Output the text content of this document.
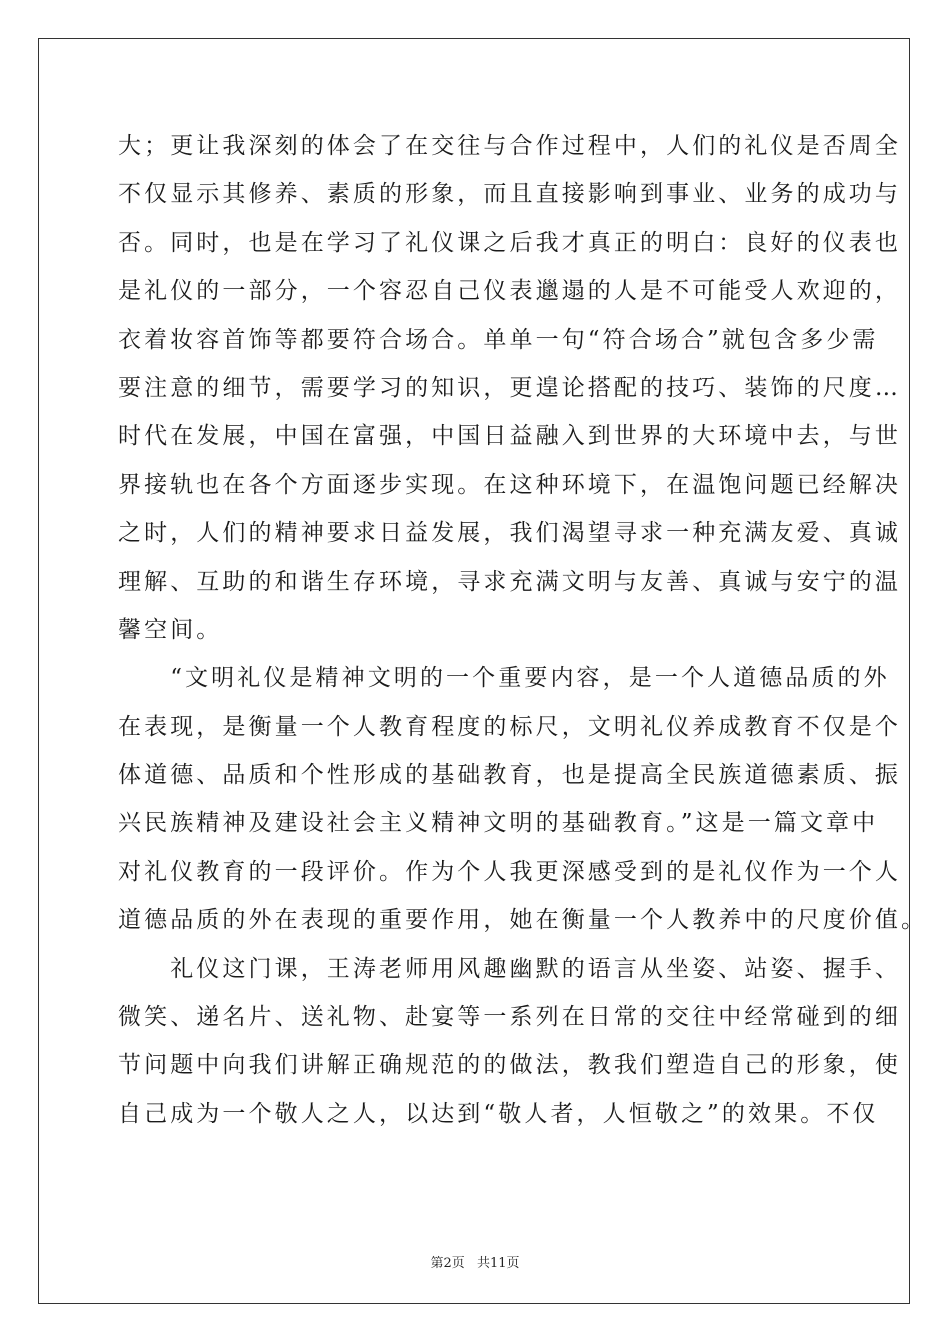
大；更让我深刻的体会了在交往与合作过程中，人们的礼仪是否周全
不仅显示其修养、素质的形象，而且直接影响到事业、业务的成功与
否。同时，也是在学习了礼仪课之后我才真正的明白：良好的仪表也
是礼仪的一部分，一个容忍自己仪表邋遢的人是不可能受人欢迎的，
衣着妆容首饰等都要符合场合。单单一句“符合场合”就包含多少需
要注意的细节，需要学习的知识，更遑论搭配的技巧、装饰的尺度…
时代在发展，中国在富强，中国日益融入到世界的大环境中去，与世
界接轨也在各个方面逐步实现。在这种环境下，在温饱问题已经解决
之时，人们的精神要求日益发展，我们渴望寻求一种充满友爱、真诚
理解、互助的和谐生存环境，寻求充满文明与友善、真诚与安宁的温
馨空间。
　　“文明礼仪是精神文明的一个重要内容，是一个人道德品质的外
在表现，是衡量一个人教育程度的标尺，文明礼仪养成教育不仅是个
体道德、品质和个性形成的基础教育，也是提高全民族道德素质、振
兴民族精神及建设社会主义精神文明的基础教育。”这是一篇文章中
对礼仪教育的一段评价。作为个人我更深感受到的是礼仪作为一个人
道德品质的外在表现的重要作用，她在衡量一个人教养中的尺度价值。
　　礼仪这门课，王涛老师用风趣幽默的语言从坐姿、站姿、握手、
微笑、递名片、送礼物、赴宴等一系列在日常的交往中经常碰到的细
节问题中向我们讲解正确规范的的做法，教我们塑造自己的形象，使
自己成为一个敬人之人，以达到“敬人者，人恒敬之”的效果。不仅
第2页 共11页
